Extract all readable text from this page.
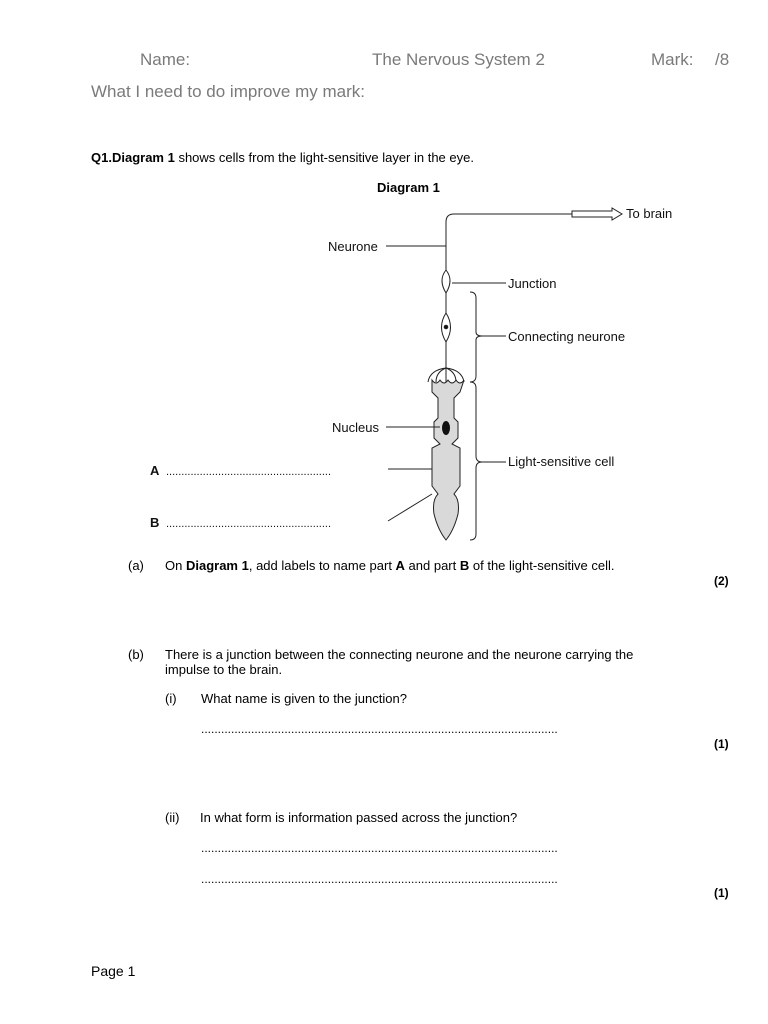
Name:	The Nervous System 2	Mark: /8
What I need to do improve my mark:
Q1.Diagram 1 shows cells from the light-sensitive layer in the eye.
Diagram 1
To brain
Neurone
Junction
Connecting neurone
Nucleus
Light-sensitive cell
A ......................................................
B ......................................................
(a) On Diagram 1, add labels to name part A and part B of the light-sensitive cell.
(2)
(b) There is a junction between the connecting neurone and the neurone carrying the
impulse to the brain.
(i) What name is given to the junction?
...........................................................................................................
(1)
(ii) In what form is information passed across the junction?
...........................................................................................................
...........................................................................................................
(1)
Page 1
